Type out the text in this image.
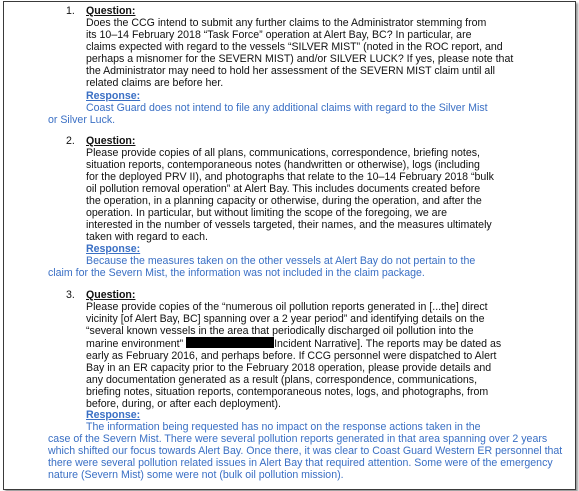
1. Question:
Does the CCG intend to submit any further claims to the Administrator stemming from
its 10–14 February 2018 “Task Force” operation at Alert Bay, BC? In particular, are
claims expected with regard to the vessels “SILVER MIST” (noted in the ROC report, and
perhaps a misnomer for the SEVERN MIST) and/or SILVER LUCK? If yes, please note that
the Administrator may need to hold her assessment of the SEVERN MIST claim until all
related claims are before her.
Response:
Coast Guard does not intend to file any additional claims with regard to the Silver Mist
or Silver Luck.
2. Question:
Please provide copies of all plans, communications, correspondence, briefing notes,
situation reports, contemporaneous notes (handwritten or otherwise), logs (including
for the deployed PRV II), and photographs that relate to the 10–14 February 2018 “bulk
oil pollution removal operation” at Alert Bay. This includes documents created before
the operation, in a planning capacity or otherwise, during the operation, and after the
operation. In particular, but without limiting the scope of the foregoing, we are
interested in the number of vessels targeted, their names, and the measures ultimately
taken with regard to each.
Response:
Because the measures taken on the other vessels at Alert Bay do not pertain to the
claim for the Severn Mist, the information was not included in the claim package.
3. Question:
Please provide copies of the “numerous oil pollution reports generated in [...the] direct
vicinity [of Alert Bay, BC] spanning over a 2 year period” and identifying details on the
“several known vessels in the area that periodically discharged oil pollution into the
marine environment”	Incident Narrative]. The reports may be dated as
early as February 2016, and perhaps before. If CCG personnel were dispatched to Alert
Bay in an ER capacity prior to the February 2018 operation, please provide details and
any documentation generated as a result (plans, correspondence, communications,
briefing notes, situation reports, contemporaneous notes, logs, and photographs, from
before, during, or after each deployment).
Response:
The information being requested has no impact on the response actions taken in the
case of the Severn Mist. There were several pollution reports generated in that area spanning over 2 years which shifted our focus towards Alert Bay. Once there, it was clear to Coast Guard Western ER personnel that there were several pollution related issues in Alert Bay that required attention. Some were of the emergency nature (Severn Mist) some were not (bulk oil pollution mission).
